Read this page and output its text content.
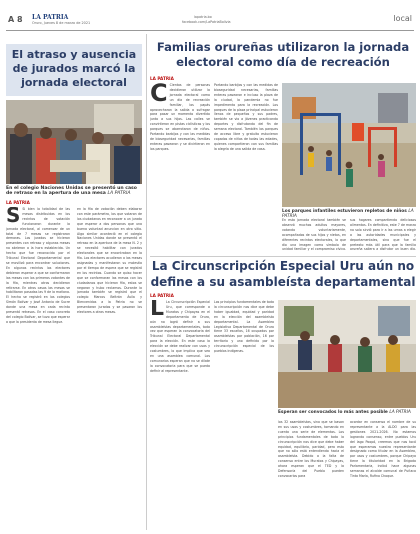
A 8 LA PATRIA
Oruro, Jueves 8 de marzo de 2021
lapatria.bo
facebook.com/LaPatriaBolivia	local
El atraso y ausencia de jurados marcó la jornada electoral
En el colegio Naciones Unidas se presentó un caso de retraso en la apertura de una mesa LA PATRIA
LA PATRIA
S Si bien la totalidad de las mesas distribuidas en los recintos de votación funcionaron durante la jornada electoral, al comenzar de un total de 7 mesas se registraron demoras. Los jurados se hicieron presentes con retraso y algunas mesas no abrieron a la hora establecida. Un hecho que fue reconocido por el Tribunal Electoral Departamental que se movilizó para encontrar soluciones. En algunos recintos los electores debieron esperar a que se conformaran las mesas con los primeros votantes de la fila, mientras otros decidieron retirarse. En otros casos las mesas se habilitaron pasadas las 9 de la mañana. El hecho se registró en los colegios Simón Bolívar y José Antonio de Sucre donde una mesa en cada recinto presentó retrasos. En el caso concreto del colegio Bolívar, se tuvo que esperar a que la presidenta de mesa llegue.
en la fila de votación deben elaborar con este parámetro, los que votaron de los ciudadanos en reconocer a un jurado que esperar a dos personas que una buena voluntad anuncian en otro sitio. Algo similar aconteció en el colegio Naciones Unidas donde se presentó el retraso en la apertura de la mesa N. 2 y se necesitó habilitar con jurados electorales que se encontraban en la fila. Los electores acudieron a las mesas asignadas y manifestaron su molestia por el tiempo de espera que se registró en los recintos. Cuando se quiso hacer que se conformaran las mesas con los ciudadanos que hicieron fila, estos se negaron y hubo reclamos. Durante la jornada también se registró que el colegio Marcos Beltrán Ávila y Bienvenidos a la Patria no se presentaron jurados y se pasaron los electores a otras mesas.
Familias orureñas utilizaron la jornada electoral como día de recreación
LA PATRIA
C Cientos de personas decidieron utilizar la jornada electoral como un día de recreación familiar, los papás aprovecharon la salida a sufragar para pasar un momento divertido junto a sus hijos. Las calles se convirtieron en pistas ciclísticas y los parques se abarrotaron de niños. Portando barbijos y con las medidas de bioseguridad necesarias, familias enteras pasearon y se divirtieron en los parques.
Portando barbijos y con las medidas de bioseguridad necesarias, familias enteras pasearon e incluso la plaza de la ciudad, la pandemia no fue impedimento para la recreación. Los parques de la plaza principal estuvieron llenos de pequeños y sus padres, también se vio a jóvenes practicando deportes y disfrutando del fin de semana electoral. También los parques de acceso libre y gratuito estuvieron copados de niños de todas las edades, quienes compartieron con sus familias la alegría de una salida de casa.
Los parques infantiles estuvieron repletos de niños LA PATRIA
En esta jornada electoral también se observó muchos adultos mayores, votando voluntariamente, acompañados de sus hijos y nietos, en diferentes recintos electorales, lo que dio una imagen como símbolo de unidad familiar y el compromiso cívico.
sus hogares compartiendo deliciosos alimentos. En definitiva, este 7 de marzo no solo sirvió para ir a las urnas a elegir a las autoridades municipales y departamentales, sino que fue el pretexto más útil para que la familia orureña saliera a disfrutar un buen día.
La Circunscripción Especial Uru aún no define a su asambleísta departamental
LA PATRIA
L La Circunscripción Especial Uru, que corresponde a Muratos y Chipayas en el departamento de Oruro, aún no logró definir a sus asambleístas departamentales, toda vez que esperan la convocatoria del Tribunal Electoral Departamental para la elección. En este caso la elección se debe realizar con usos y costumbres, lo que implica que sea en una asamblea comunal. Los comunarios esperan que no se dilate la convocatoria para que se pueda definir al representante.
Los principios fundamentales de toda la circunscripción nos dice que debe haber igualdad, equidad y paridad en la elección del asambleísta departamental. La Asamblea Legislativa Departamental de Oruro tiene 33 escaños, 16 ocupados por asambleístas por población, 16 por territorio y uno definido por la circunscripción especial de los pueblos indígenas.
Esperan ser convocados lo más antes posible LA PATRIA
los 32 asambleístas, sino que se basan en sus usos y costumbres, tomando en cuenta una serie de elementos. Los principios fundamentales de toda la circunscripción nos dice que debe haber equidad, equilibrio, paridad, pero esto que no sólo está entendiendo hacia el asambleísta. Debido a la falta de consenso entre los Muratos y Chipayas, ahora esperan que el TED y la Defensoría del Pueblo pueden convocarlos para
acordar en consenso el nombre de su representante a la ALDO para las gestiones 2021-2026. No estamos logrando consenso, entre pueblos Uru del lago Poopó, creemos que nos tocó que esperamos nuestro representante designado como titular en la Asamblea, por usos y costumbres, porque Chipaya tiene la titularidad en la Brigada Parlamentaria, indicó hace algunas semanas el alcalde comunal de Puñaca Tinta María, Rufino Choque.
